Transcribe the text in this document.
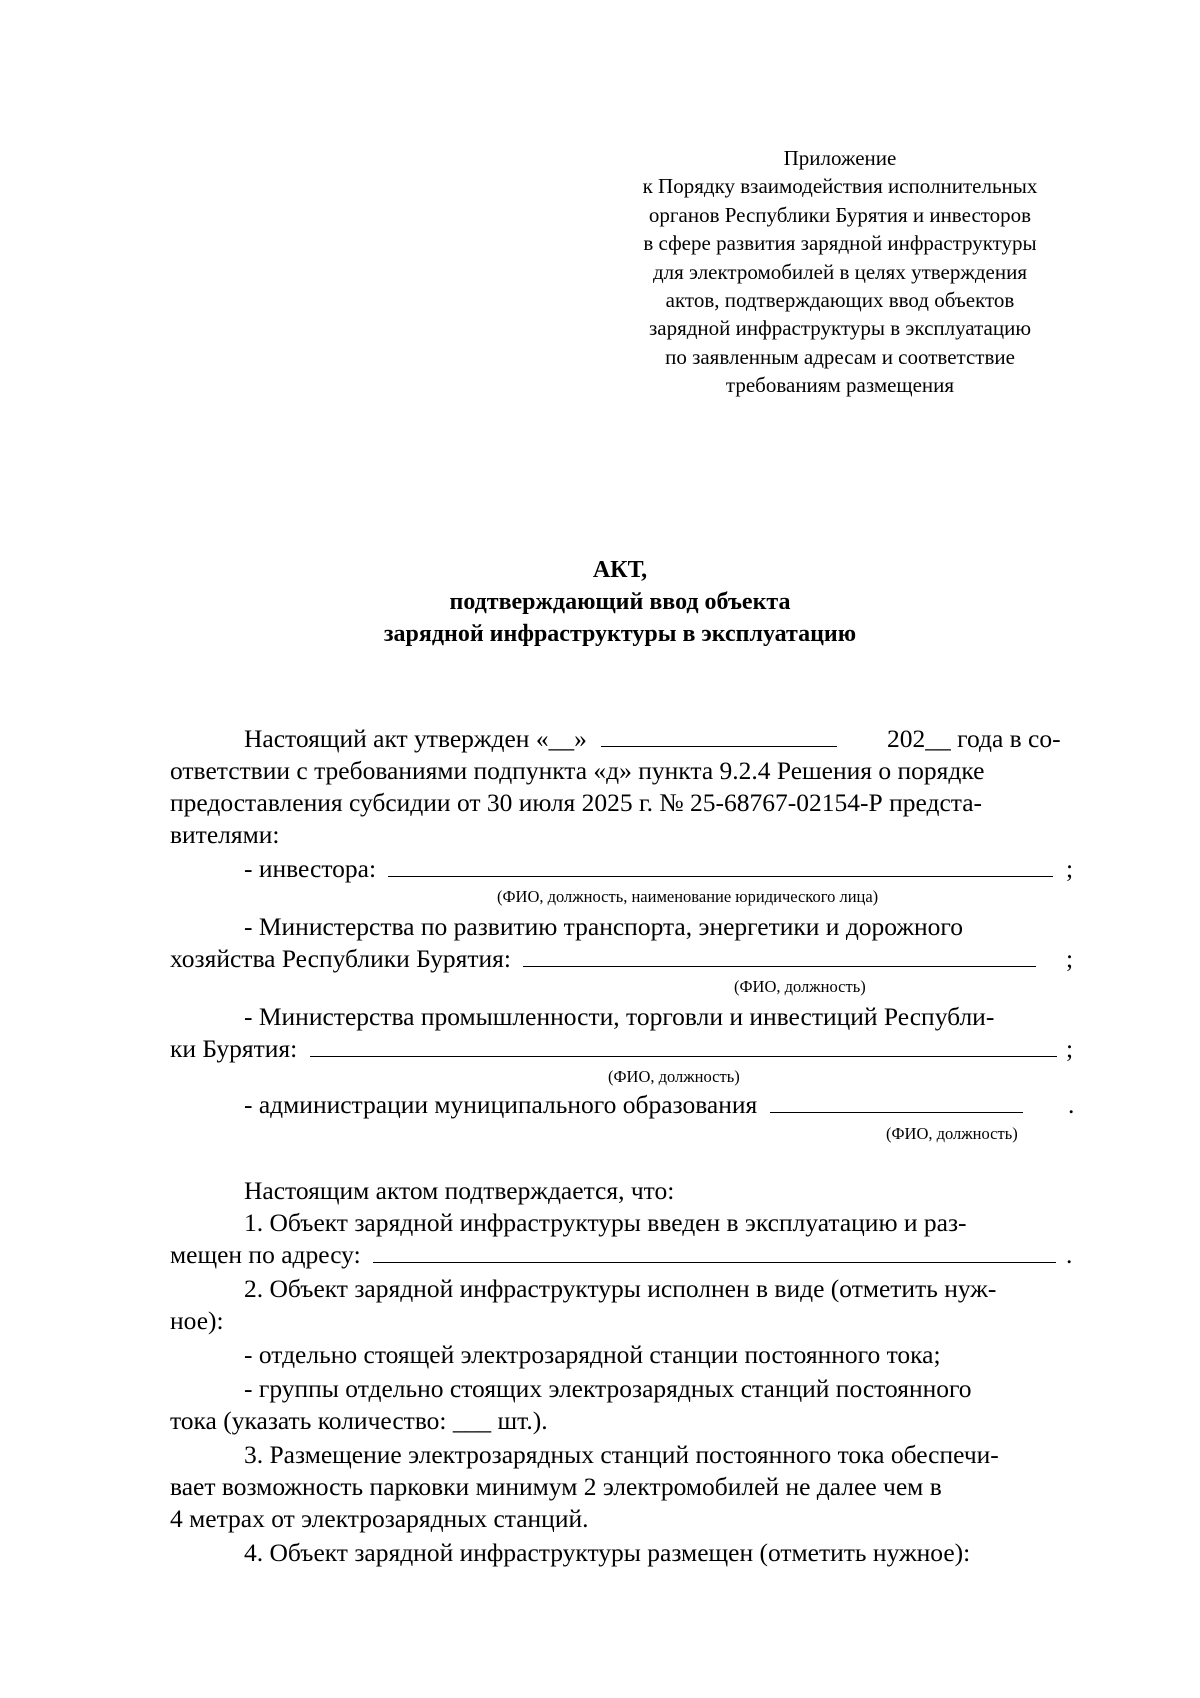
Приложение
к Порядку взаимодействия исполнительных
органов Республики Бурятия и инвесторов
в сфере развития зарядной инфраструктуры
для электромобилей в целях утверждения
актов, подтверждающих ввод объектов
зарядной инфраструктуры в эксплуатацию
по заявленным адресам и соответствие
требованиям размещения
АКТ,
подтверждающий ввод объекта
зарядной инфраструктуры в эксплуатацию
Настоящий акт утвержден «__»	202__ года в со-
ответствии с требованиями подпункта «д» пункта 9.2.4 Решения о порядке
предоставления субсидии от 30 июля 2025 г. № 25-68767-02154-Р предста-
вителями:
- инвестора:	;
(ФИО, должность, наименование юридического лица)
- Министерства по развитию транспорта, энергетики и дорожного
хозяйства Республики Бурятия:	;
(ФИО, должность)
- Министерства промышленности, торговли и инвестиций Республи-
ки Бурятия:	;
(ФИО, должность)
- администрации муниципального образования	.
(ФИО, должность)
Настоящим актом подтверждается, что:
1. Объект зарядной инфраструктуры введен в эксплуатацию и раз-
мещен по адресу:	.
2. Объект зарядной инфраструктуры исполнен в виде (отметить нуж-
ное):
- отдельно стоящей электрозарядной станции постоянного тока;
- группы отдельно стоящих электрозарядных станций постоянного
тока (указать количество: ___ шт.).
3. Размещение электрозарядных станций постоянного тока обеспечи-
вает возможность парковки минимум 2 электромобилей не далее чем в
4 метрах от электрозарядных станций.
4. Объект зарядной инфраструктуры размещен (отметить нужное):
